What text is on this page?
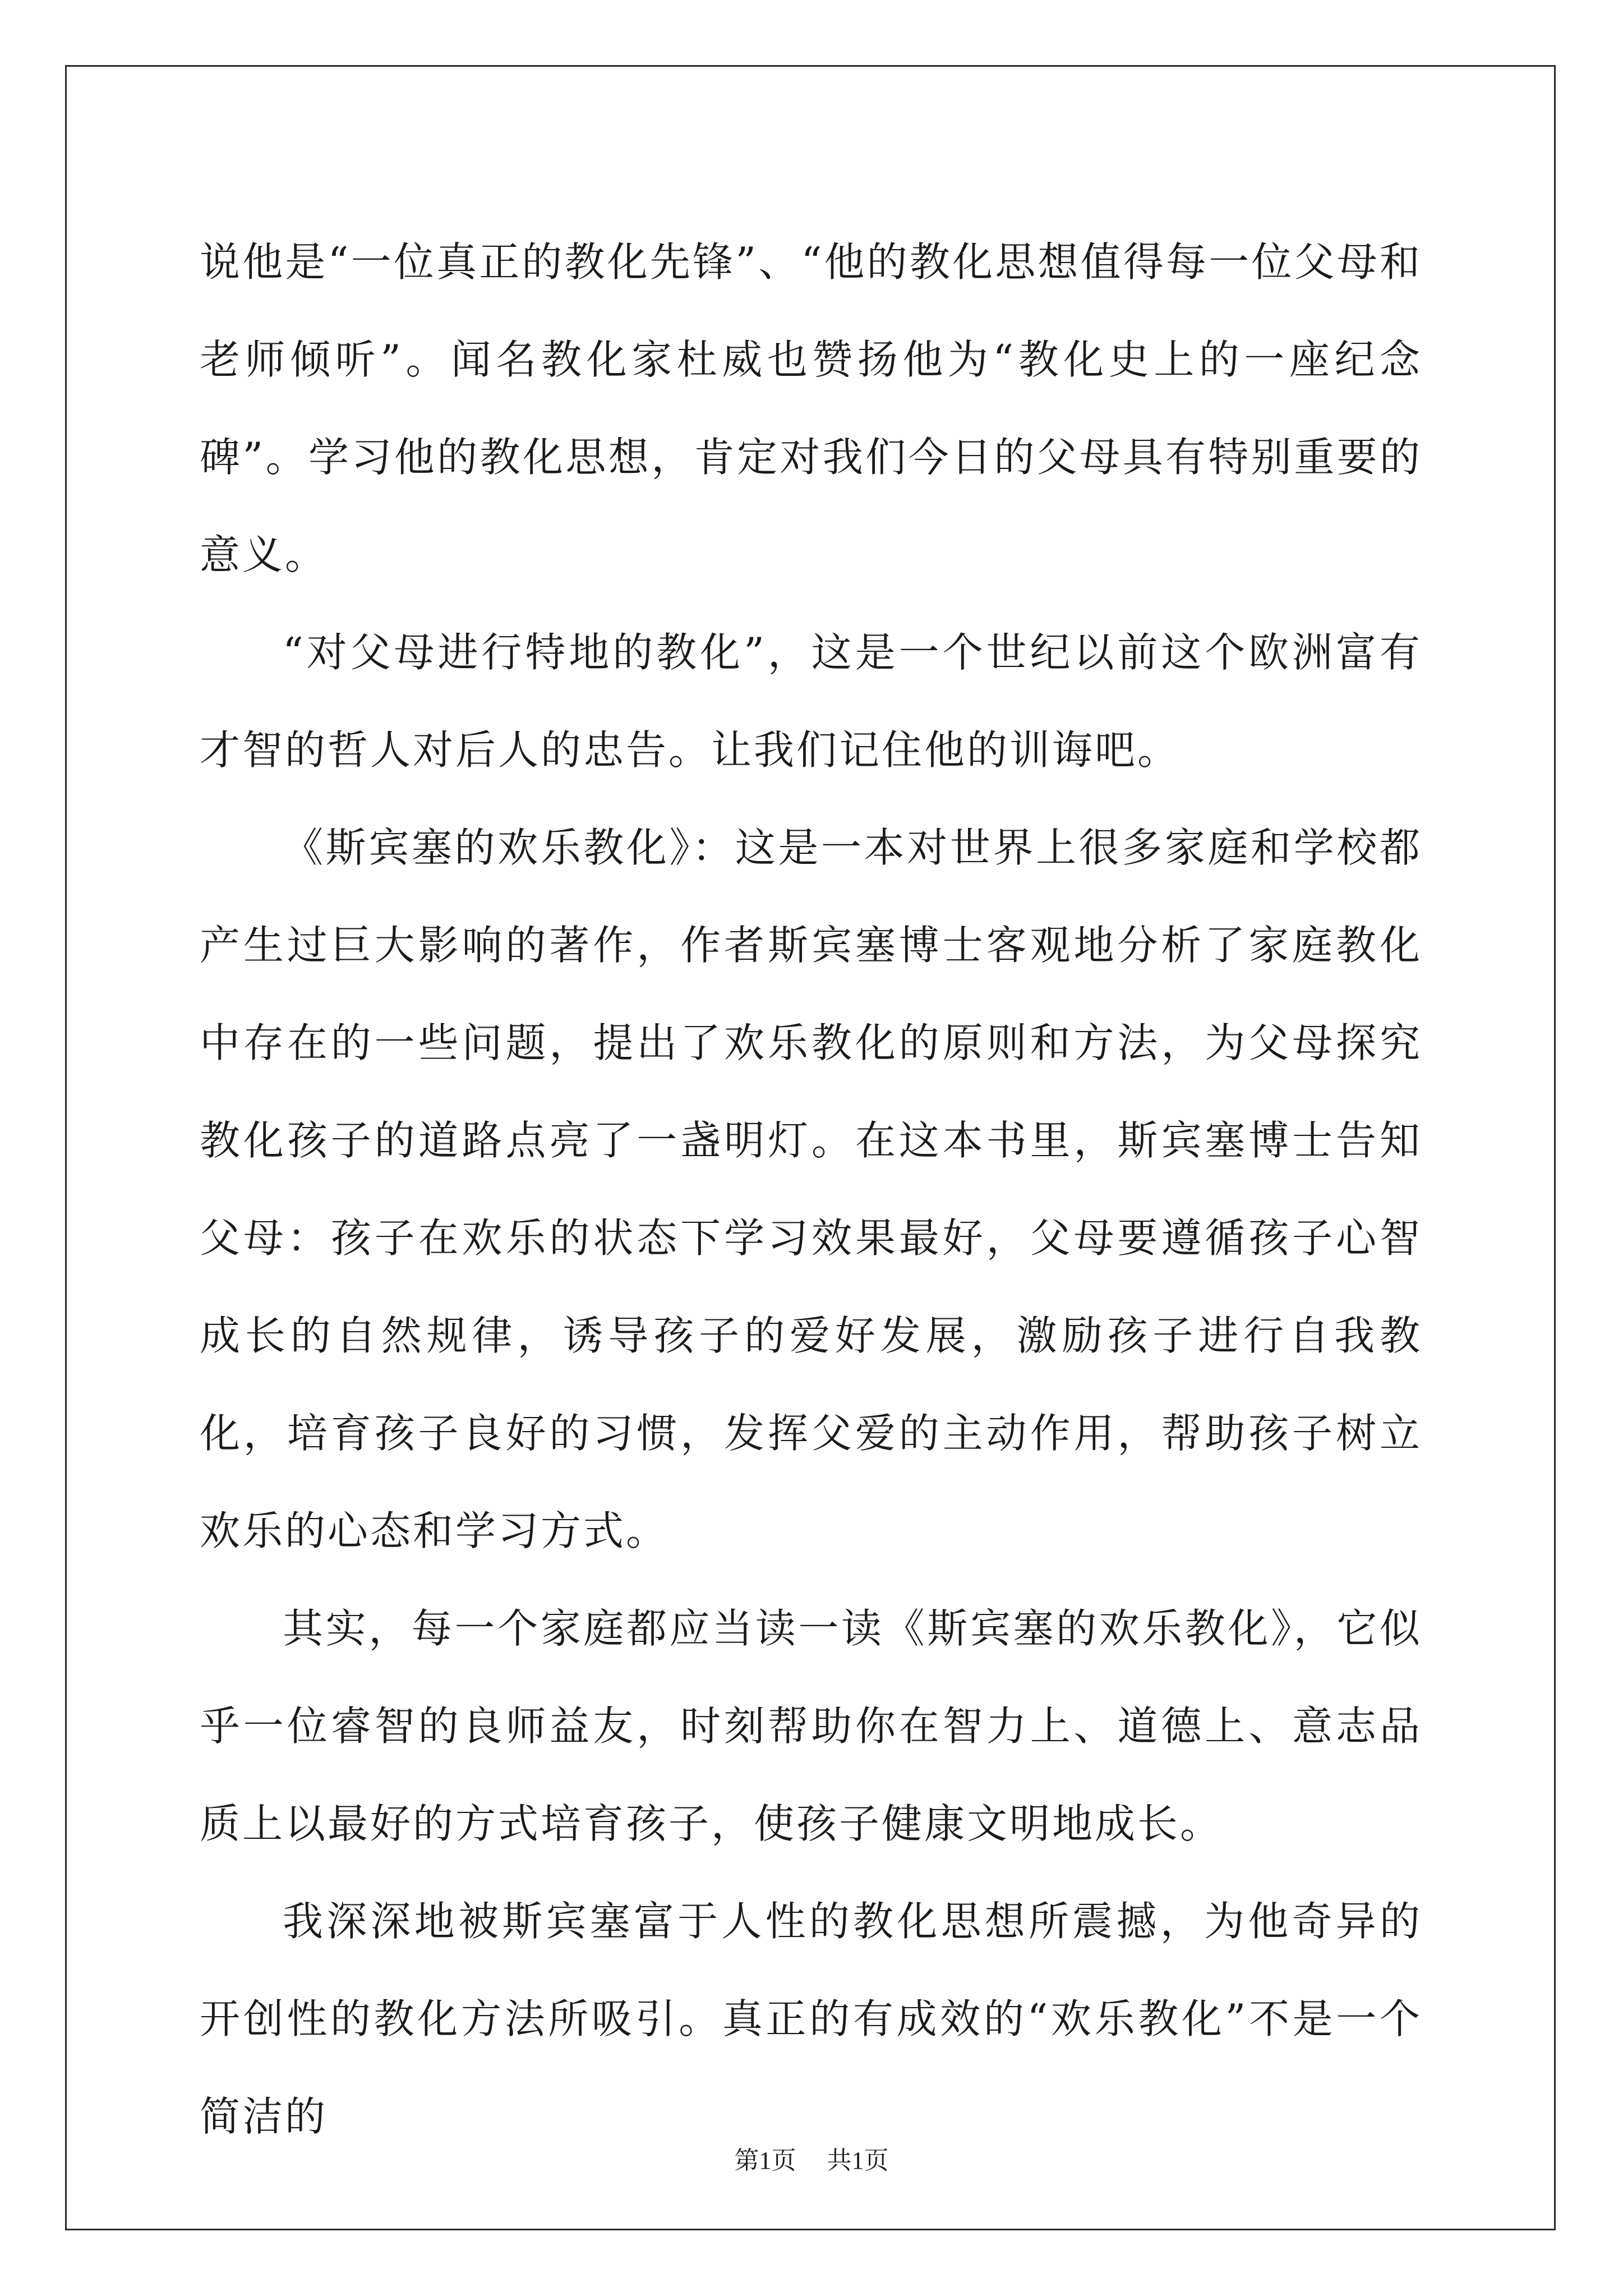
说他是“一位真正的教化先锋”、“他的教化思想值得每一位父母和老师倾听”。闻名教化家杜威也赞扬他为“教化史上的一座纪念碑”。学习他的教化思想，肯定对我们今日的父母具有特别重要的意义。

“对父母进行特地的教化”，这是一个世纪以前这个欧洲富有才智的哲人对后人的忠告。让我们记住他的训诲吧。

《斯宾塞的欢乐教化》：这是一本对世界上很多家庭和学校都产生过巨大影响的著作，作者斯宾塞博士客观地分析了家庭教化中存在的一些问题，提出了欢乐教化的原则和方法，为父母探究教化孩子的道路点亮了一盏明灯。在这本书里，斯宾塞博士告知父母：孩子在欢乐的状态下学习效果最好，父母要遵循孩子心智成长的自然规律，诱导孩子的爱好发展，激励孩子进行自我教化，培育孩子良好的习惯，发挥父爱的主动作用，帮助孩子树立欢乐的心态和学习方式。

其实，每一个家庭都应当读一读《斯宾塞的欢乐教化》，它似乎一位睿智的良师益友，时刻帮助你在智力上、道德上、意志品质上以最好的方式培育孩子，使孩子健康文明地成长。

我深深地被斯宾塞富于人性的教化思想所震撼，为他奇异的开创性的教化方法所吸引。真正的有成效的“欢乐教化”不是一个简洁的

第1页 共1页
